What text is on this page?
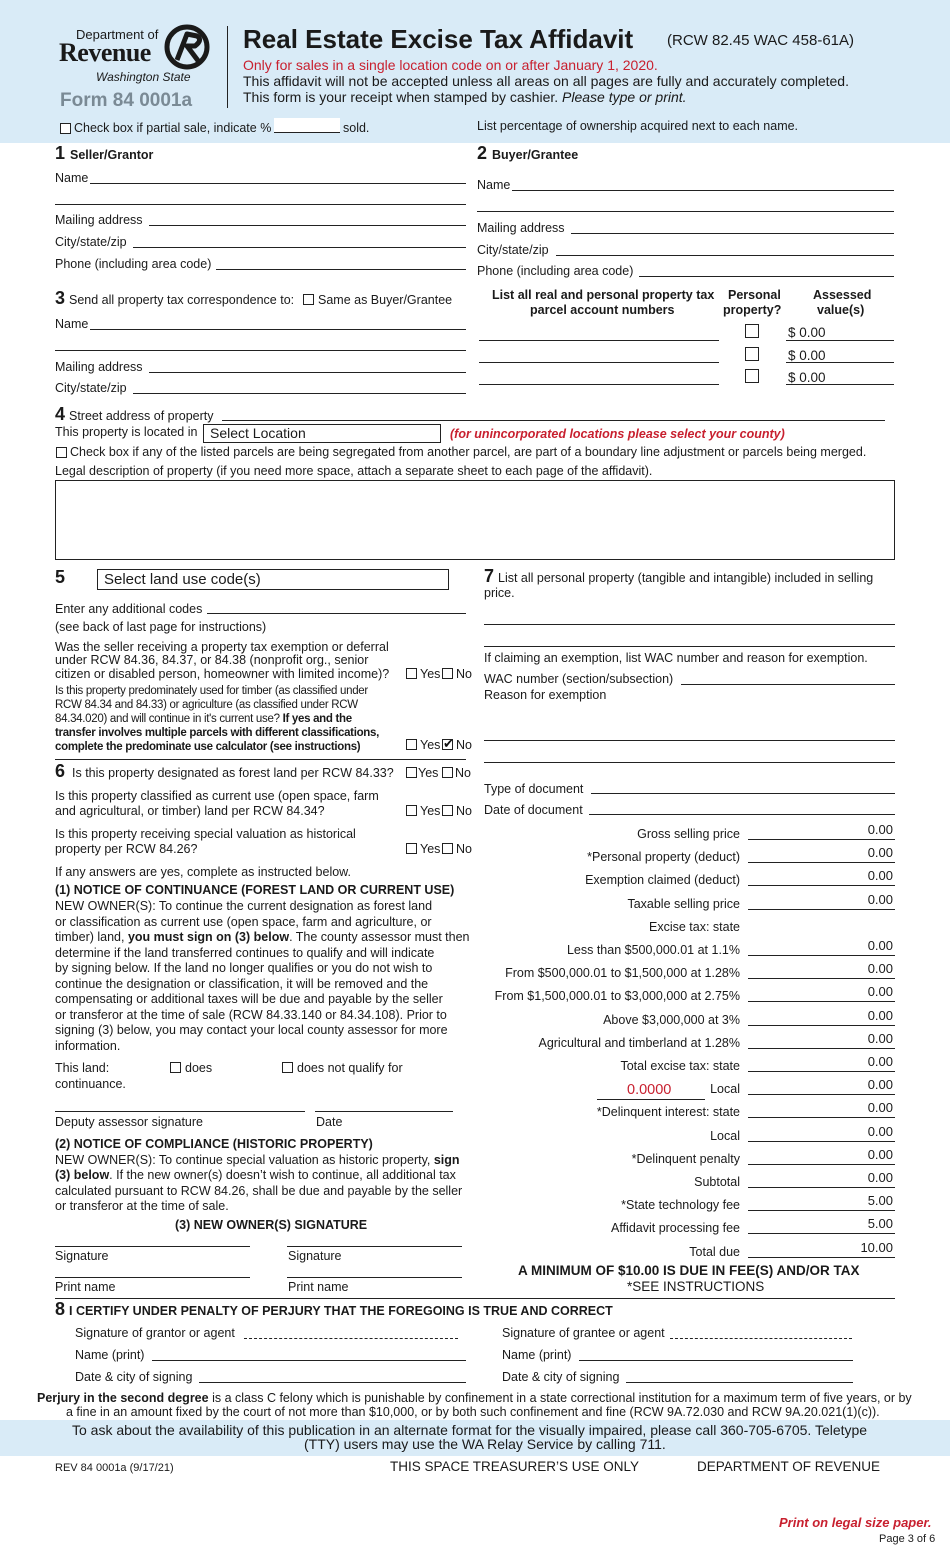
Department of
Revenue
Washington State
Form 84 0001a
Real Estate Excise Tax Affidavit (RCW 82.45 WAC 458-61A)
Only for sales in a single location code on or after January 1, 2020.
This affidavit will not be accepted unless all areas on all pages are fully and accurately completed.
This form is your receipt when stamped by cashier. Please type or print.
Check box if partial sale, indicate %	sold.	List percentage of ownership acquired next to each name.
1 Seller/Grantor
Name
Mailing address
City/state/zip
Phone (including area code)
2 Buyer/Grantee
Name
Mailing address
City/state/zip
Phone (including area code)
3 Send all property tax correspondence to: Same as Buyer/Grantee
Name
Mailing address
City/state/zip
List all real and personal property tax
parcel account numbers
Personal
property?
Assessed
value(s)
$ 0.00
$ 0.00
$ 0.00
4 Street address of property
This property is located in Select Location	(for unincorporated locations please select your county)
Check box if any of the listed parcels are being segregated from another parcel, are part of a boundary line adjustment or parcels being merged.
Legal description of property (if you need more space, attach a separate sheet to each page of the affidavit).
5	Select land use code(s)
Enter any additional codes
(see back of last page for instructions)
Was the seller receiving a property tax exemption or deferral
under RCW 84.36, 84.37, or 84.38 (nonprofit org., senior
citizen or disabled person, homeowner with limited income)? Yes No
Is this property predominately used for timber (as classified under
RCW 84.34 and 84.33) or agriculture (as classified under RCW
84.34.020) and will continue in it's current use? If yes and the
transfer involves multiple parcels with different classifications,
complete the predominate use calculator (see instructions)	Yes
✔ No
6 Is this property designated as forest land per RCW 84.33? Yes No
Is this property classified as current use (open space, farm
and agricultural, or timber) land per RCW 84.34?	Yes No
Is this property receiving special valuation as historical
property per RCW 84.26?	Yes No
If any answers are yes, complete as instructed below.
(1) NOTICE OF CONTINUANCE (FOREST LAND OR CURRENT USE)
NEW OWNER(S): To continue the current designation as forest land
or classification as current use (open space, farm and agriculture, or
timber) land, you must sign on (3) below. The county assessor must then
determine if the land transferred continues to qualify and will indicate
by signing below. If the land no longer qualifies or you do not wish to
continue the designation or classification, it will be removed and the
compensating or additional taxes will be due and payable by the seller
or transferor at the time of sale (RCW 84.33.140 or 84.34.108). Prior to
signing (3) below, you may contact your local county assessor for more
information.
This land:
continuance.
does	does not qualify for
Deputy assessor signature	Date
(2) NOTICE OF COMPLIANCE (HISTORIC PROPERTY)
NEW OWNER(S): To continue special valuation as historic property, sign
(3) below. If the new owner(s) doesn’t wish to continue, all additional tax
calculated pursuant to RCW 84.26, shall be due and payable by the seller
or transferor at the time of sale.
(3) NEW OWNER(S) SIGNATURE
Signature	Signature
Print name	Print name
7 List all personal property (tangible and intangible) included in selling
price.
If claiming an exemption, list WAC number and reason for exemption.
WAC number (section/subsection)
Reason for exemption
Type of document
Date of document
Gross selling price	0.00
*Personal property (deduct)	0.00
Exemption claimed (deduct)	0.00
Taxable selling price	0.00
Excise tax: state
Less than $500,000.01 at 1.1%	0.00
From $500,000.01 to $1,500,000 at 1.28%	0.00
From $1,500,000.01 to $3,000,000 at 2.75%	0.00
Above $3,000,000 at 3%	0.00
Agricultural and timberland at 1.28%	0.00
Total excise tax: state	0.00
Local	0.00
*Delinquent interest: state	0.00
Local	0.00
*Delinquent penalty	0.00
Subtotal	0.00
*State technology fee	5.00
Affidavit processing fee	5.00
Total due	10.00
0.0000
A MINIMUM OF $10.00 IS DUE IN FEE(S) AND/OR TAX
*SEE INSTRUCTIONS
8 I CERTIFY UNDER PENALTY OF PERJURY THAT THE FOREGOING IS TRUE AND CORRECT
Signature of grantor or agent
Name (print)
Date & city of signing
Signature of grantee or agent
Name (print)
Date & city of signing
Perjury in the second degree is a class C felony which is punishable by confinement in a state correctional institution for a maximum term of five years, or by
a fine in an amount fixed by the court of not more than $10,000, or by both such confinement and fine (RCW 9A.72.030 and RCW 9A.20.021(1)(c)).
To ask about the availability of this publication in an alternate format for the visually impaired, please call 360-705-6705. Teletype
(TTY) users may use the WA Relay Service by calling 711.
REV 84 0001a (9/17/21)	THIS SPACE TREASURER’S USE ONLY	DEPARTMENT OF REVENUE
Print on legal size paper.
Page 3 of 6
